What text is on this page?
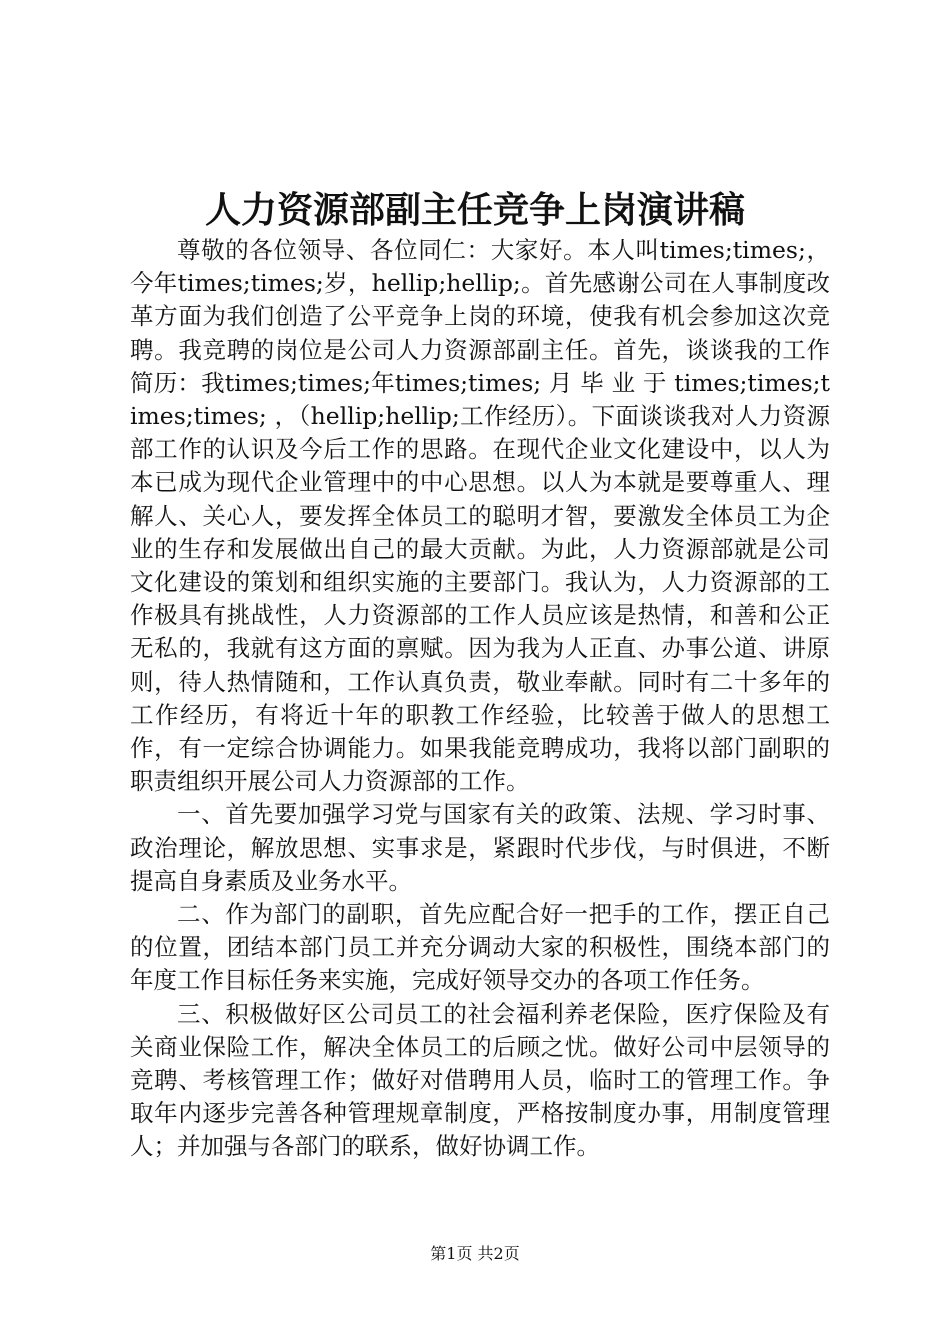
人力资源部副主任竞争上岗演讲稿

尊敬的各位领导、各位同仁：大家好。本人叫times;times;，今年times;times;岁，hellip;hellip;。首先感谢公司在人事制度改革方面为我们创造了公平竞争上岗的环境，使我有机会参加这次竞聘。我竞聘的岗位是公司人力资源部副主任。首先，谈谈我的工作简历：我times;times;年times;times; 月 毕 业 于 times;times;times;times; ，（hellip;hellip;工作经历）。下面谈谈我对人力资源部工作的认识及今后工作的思路。在现代企业文化建设中，以人为本已成为现代企业管理中的中心思想。以人为本就是要尊重人、理解人、关心人，要发挥全体员工的聪明才智，要激发全体员工为企业的生存和发展做出自己的最大贡献。为此，人力资源部就是公司文化建设的策划和组织实施的主要部门。我认为，人力资源部的工作极具有挑战性，人力资源部的工作人员应该是热情，和善和公正无私的，我就有这方面的禀赋。因为我为人正直、办事公道、讲原则，待人热情随和，工作认真负责，敬业奉献。同时有二十多年的工作经历，有将近十年的职教工作经验，比较善于做人的思想工作，有一定综合协调能力。如果我能竞聘成功，我将以部门副职的职责组织开展公司人力资源部的工作。

一、首先要加强学习党与国家有关的政策、法规、学习时事、政治理论，解放思想、实事求是，紧跟时代步伐，与时俱进，不断提高自身素质及业务水平。

二、作为部门的副职，首先应配合好一把手的工作，摆正自己的位置，团结本部门员工并充分调动大家的积极性，围绕本部门的年度工作目标任务来实施，完成好领导交办的各项工作任务。

三、积极做好区公司员工的社会福利养老保险，医疗保险及有关商业保险工作，解决全体员工的后顾之忧。做好公司中层领导的竞聘、考核管理工作；做好对借聘用人员，临时工的管理工作。争取年内逐步完善各种管理规章制度，严格按制度办事，用制度管理人；并加强与各部门的联系，做好协调工作。

第1页 共2页
